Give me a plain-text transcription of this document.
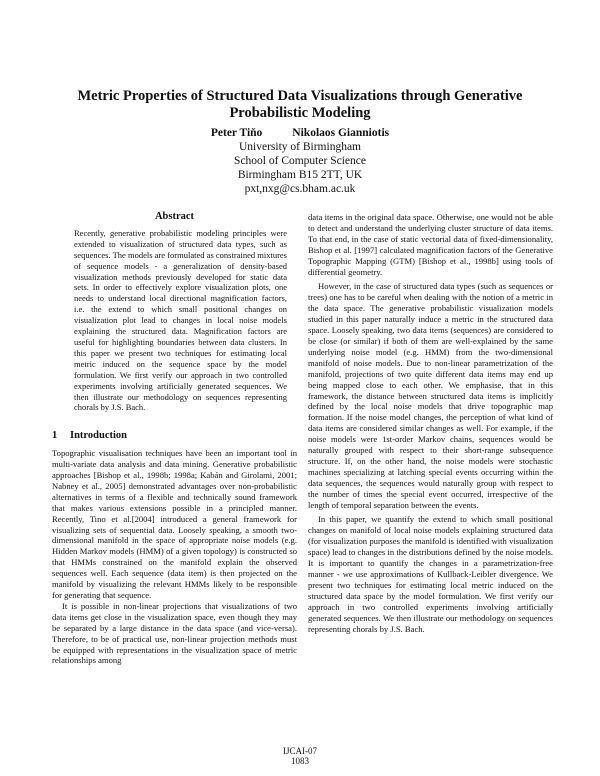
Metric Properties of Structured Data Visualizations through Generative Probabilistic Modeling
Peter Tiňo	Nikolaos Gianniotis
University of Birmingham
School of Computer Science
Birmingham B15 2TT, UK
pxt,nxg@cs.bham.ac.uk
Abstract

Recently, generative probabilistic modeling principles were extended to visualization of structured data types, such as sequences. The models are formulated as constrained mixtures of sequence models - a generalization of density-based visualization methods previously developed for static data sets. In order to effectively explore visualization plots, one needs to understand local directional magnification factors, i.e. the extend to which small positional changes on visualization plot lead to changes in local noise models explaining the structured data. Magnification factors are useful for highlighting boundaries between data clusters. In this paper we present two techniques for estimating local metric induced on the sequence space by the model formulation. We first verify our approach in two controlled experiments involving artificially generated sequences. We then illustrate our methodology on sequences representing chorals by J.S. Bach.

1 Introduction

Topographic visualisation techniques have been an important tool in multi-variate data analysis and data mining. Generative probabilistic approaches [Bishop et al., 1998b; 1998a; Kabán and Girolami, 2001; Nabney et al., 2005] demonstrated advantages over non-probabilistic alternatives in terms of a flexible and technically sound framework that makes various extensions possible in a principled manner. Recently, Tino et al.[2004] introduced a general framework for visualizing sets of sequential data. Loosely speaking, a smooth two-dimensional manifold in the space of appropriate noise models (e.g. Hidden Markov models (HMM) of a given topology) is constructed so that HMMs constrained on the manifold explain the observed sequences well. Each sequence (data item) is then projected on the manifold by visualizing the relevant HMMs likely to be responsible for generating that sequence.

It is possible in non-linear projections that visualizations of two data items get close in the visualization space, even though they may be separated by a large distance in the data space (and vice-versa). Therefore, to be of practical use, non-linear projection methods must be equipped with representations in the visualization space of metric relationships among

data items in the original data space. Otherwise, one would not be able to detect and understand the underlying cluster structure of data items. To that end, in the case of static vectorial data of fixed-dimensionality, Bishop et al. [1997] calculated magnification factors of the Generative Topographic Mapping (GTM) [Bishop et al., 1998b] using tools of differential geometry.

However, in the case of structured data types (such as sequences or trees) one has to be careful when dealing with the notion of a metric in the data space. The generative probabilistic visualization models studied in this paper naturally induce a metric in the structured data space. Loosely speaking, two data items (sequences) are considered to be close (or similar) if both of them are well-explained by the same underlying noise model (e.g. HMM) from the two-dimensional manifold of noise models. Due to non-linear parametrization of the manifold, projections of two quite different data items may end up being mapped close to each other. We emphasise, that in this framework, the distance between structured data items is implicitly defined by the local noise models that drive topographic map formation. If the noise model changes, the perception of what kind of data items are considered similar changes as well. For example, if the noise models were 1st-order Markov chains, sequences would be naturally grouped with respect to their short-range subsequence structure. If, on the other hand, the noise models were stochastic machines specializing at latching special events occurring within the data sequences, the sequences would naturally group with respect to the number of times the special event occurred, irrespective of the length of temporal separation between the events.

In this paper, we quantify the extend to which small positional changes on manifold of local noise models explaining structured data (for visualization purposes the manifold is identified with visualization space) lead to changes in the distributions defined by the noise models. It is important to quantify the changes in a parametrization-free manner - we use approximations of Kullback-Leibler divergence. We present two techniques for estimating local metric induced on the structured data space by the model formulation. We first verify our approach in two controlled experiments involving artificially generated sequences. We then illustrate our methodology on sequences representing chorals by J.S. Bach.

IJCAI-07
1083
